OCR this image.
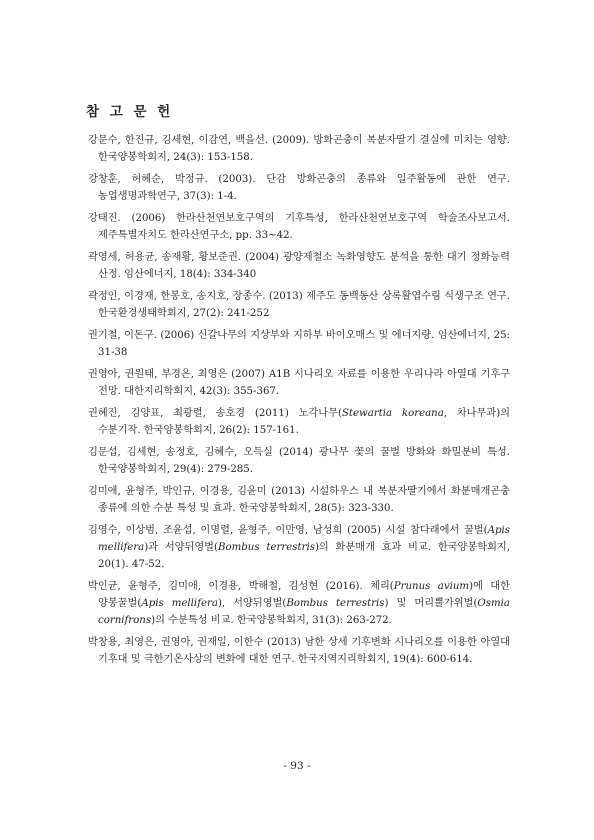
참 고 문 헌
강문수, 한진규, 김세현, 이감연, 백을선. (2009). 방화곤충이 복분자딸기 결실에 미치는 영향. 한국양봉학회지, 24(3): 153-158.
강창훈, 허혜순, 박정규. (2003). 단감 방화곤충의 종류와 일주활동에 관한 연구. 농업생명과학연구, 37(3): 1-4.
강태진. (2006) 한라산천연보호구역의 기후특성, 한라산천연보호구역 학술조사보고서. 제주특별자치도 한라산연구소, pp. 33~42.
곽영세, 허용균, 송재황, 황보준권. (2004) 광양제철소 녹화영향도 분석을 통한 대기 정화능력 산정. 임산에너지, 18(4): 334-340
곽정인, 이경재, 한봉호, 송지호, 장종수. (2013) 제주도 동백동산 상록활엽수림 식생구조 연구. 한국환경생태학회지, 27(2): 241-252
권기철, 이돈구. (2006) 신갈나무의 지상부와 지하부 바이오매스 및 에너지량. 임산에너지, 25: 31-38
권영아, 권원태, 부경온, 최영은 (2007) A1B 시나리오 자료를 이용한 우리나라 아열대 기후구 전망. 대한지리학회지, 42(3): 355-367.
권혜진, 김양표, 최광렬, 송호경 (2011) 노각나무(Stewartia koreana, 차나무과)의 수분기작. 한국양봉학회지, 26(2): 157-161.
김문섭, 김세현, 송정호, 김혜수, 오득실 (2014) 광나무 꽃의 꿀벌 방화와 화밀분비 특성. 한국양봉학회지, 29(4): 279-285.
김미애, 윤형주, 박인규, 이경용, 김윤미 (2013) 시설하우스 내 복분자딸기에서 화분매개곤충 종류에 의한 수분 특성 및 효과. 한국양봉학회지, 28(5): 323-330.
김영수, 이상범, 조윤섭, 이명렬, 윤형주, 이만영, 남성희 (2005) 시설 참다래에서 꿀벌(Apis mellifera)과 서양뒤영벌(Bombus terrestris)의 화분매개 효과 비교. 한국양봉학회지, 20(1). 47-52.
박인균, 윤형주, 김미애, 이경용, 박해철, 김성현 (2016). 체리(Prunus avium)에 대한 양봉꿀벌(Apis mellifera), 서양뒤영벌(Bombus terrestris) 및 머리뿔가위벌(Osmia cornifrons)의 수분특성 비교. 한국양봉학회지, 31(3): 263-272.
박창용, 최영은, 권영아, 권재일, 이한수 (2013) 남한 상세 기후변화 시나리오를 이용한 아열대 기후대 및 극한기온사상의 변화에 대한 연구. 한국지역지리학회지, 19(4): 600-614.
- 93 -
